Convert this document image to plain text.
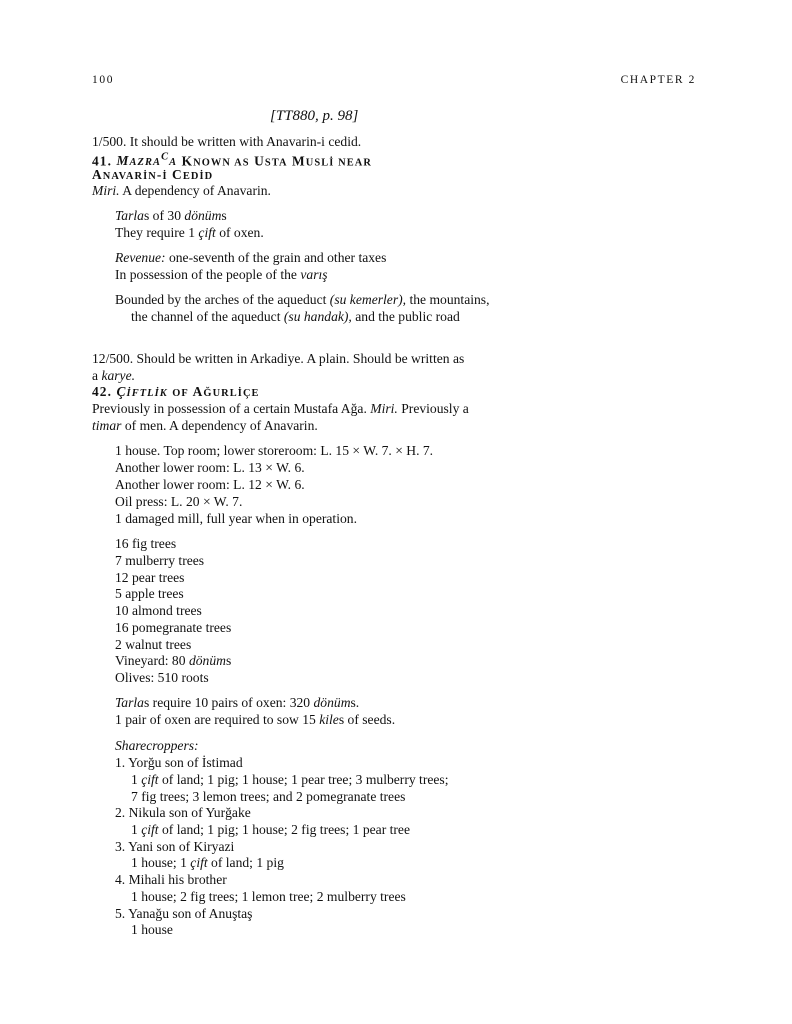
100	CHAPTER 2
[TT880, p. 98]
1/500. It should be written with Anavarin-i cedid.
41. $MAZRA^CA$ KNOWN AS USTA MUSLİ NEAR
ANAVARİN-İ CEDİD
Miri. A dependency of Anavarin.
Tarlas of 30 dönüms
They require 1 çift of oxen.
Revenue: one-seventh of the grain and other taxes
In possession of the people of the varış
Bounded by the arches of the aqueduct (su kemerler), the mountains,
the channel of the aqueduct (su handak), and the public road
12/500. Should be written in Arkadiye. A plain. Should be written as
a karye.
42. ÇİFTLİK OF AĞURLİÇE
Previously in possession of a certain Mustafa Ağa. Miri. Previously a
timar of men. A dependency of Anavarin.
1 house. Top room; lower storeroom: L. 15 × W. 7. × H. 7.
Another lower room: L. 13 × W. 6.
Another lower room: L. 12 × W. 6.
Oil press: L. 20 × W. 7.
1 damaged mill, full year when in operation.
16 fig trees
7 mulberry trees
12 pear trees
5 apple trees
10 almond trees
16 pomegranate trees
2 walnut trees
Vineyard: 80 dönüms
Olives: 510 roots
Tarlas require 10 pairs of oxen: 320 dönüms.
1 pair of oxen are required to sow 15 kiles of seeds.
Sharecroppers:
1. Yorğu son of İstimad
1 çift of land; 1 pig; 1 house; 1 pear tree; 3 mulberry trees;
7 fig trees; 3 lemon trees; and 2 pomegranate trees
2. Nikula son of Yurğake
1 çift of land; 1 pig; 1 house; 2 fig trees; 1 pear tree
3. Yani son of Kiryazi
1 house; 1 çift of land; 1 pig
4. Mihali his brother
1 house; 2 fig trees; 1 lemon tree; 2 mulberry trees
5. Yanağu son of Anuştaş
1 house
